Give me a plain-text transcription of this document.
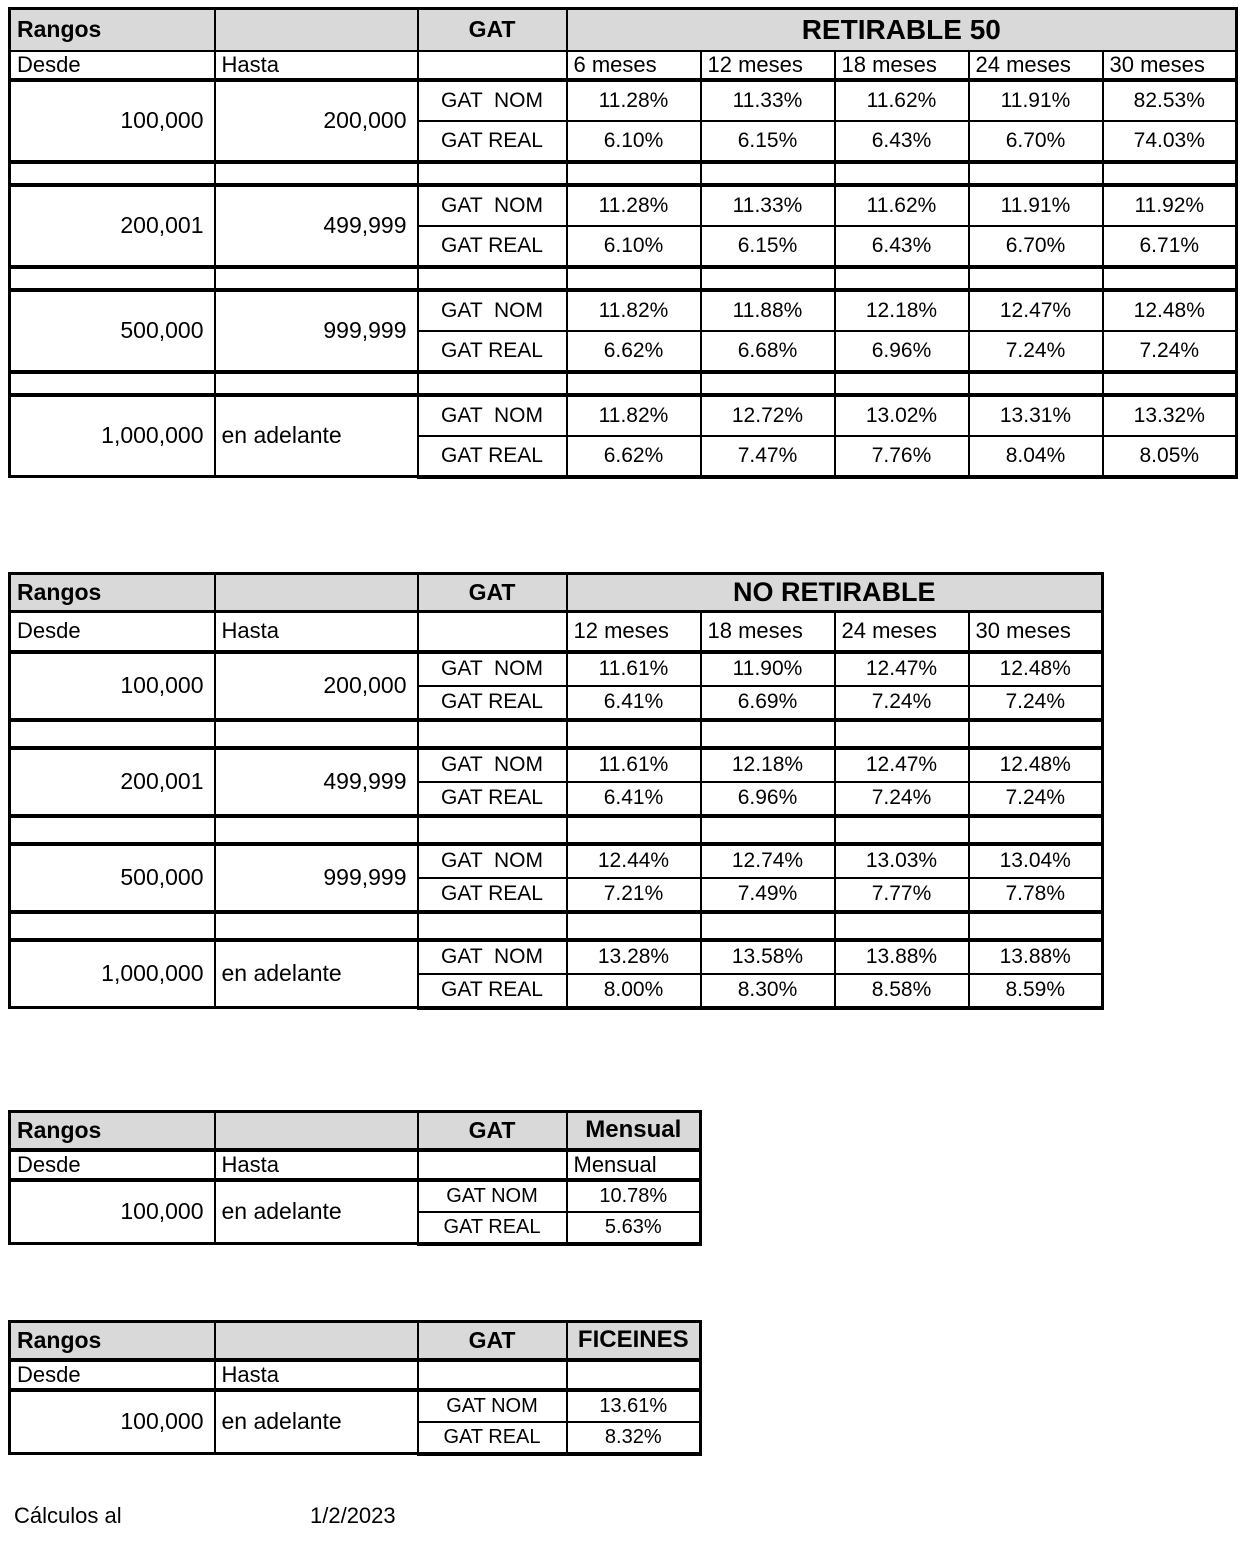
Rangos		GAT	RETIRABLE 50				
Desde	Hasta		6 meses	12 meses	18 meses	24 meses	30 meses
100,000	200,000	GAT  NOM	11.28%	11.33%	11.62%	11.91%	82.53%
		GAT REAL	6.10%	6.15%	6.43%	6.70%	74.03%

200,001	499,999	GAT  NOM	11.28%	11.33%	11.62%	11.91%	11.92%
		GAT REAL	6.10%	6.15%	6.43%	6.70%	6.71%

500,000	999,999	GAT  NOM	11.82%	11.88%	12.18%	12.47%	12.48%
		GAT REAL	6.62%	6.68%	6.96%	7.24%	7.24%

1,000,000	en adelante	GAT  NOM	11.82%	12.72%	13.02%	13.31%	13.32%
		GAT REAL	6.62%	7.47%	7.76%	8.04%	8.05%
Rangos		GAT	NO RETIRABLE			
Desde	Hasta		12 meses	18 meses	24 meses	30 meses
100,000	200,000	GAT  NOM	11.61%	11.90%	12.47%	12.48%
		GAT REAL	6.41%	6.69%	7.24%	7.24%

200,001	499,999	GAT  NOM	11.61%	12.18%	12.47%	12.48%
		GAT REAL	6.41%	6.96%	7.24%	7.24%

500,000	999,999	GAT  NOM	12.44%	12.74%	13.03%	13.04%
		GAT REAL	7.21%	7.49%	7.77%	7.78%

1,000,000	en adelante	GAT  NOM	13.28%	13.58%	13.88%	13.88%
		GAT REAL	8.00%	8.30%	8.58%	8.59%
Rangos		GAT	Mensual
Desde	Hasta		Mensual
100,000	en adelante	GAT NOM	10.78%
		GAT REAL	5.63%
Rangos		GAT	FICEINES
Desde	Hasta		
100,000	en adelante	GAT NOM	13.61%
		GAT REAL	8.32%
Cálculos al	1/2/2023
